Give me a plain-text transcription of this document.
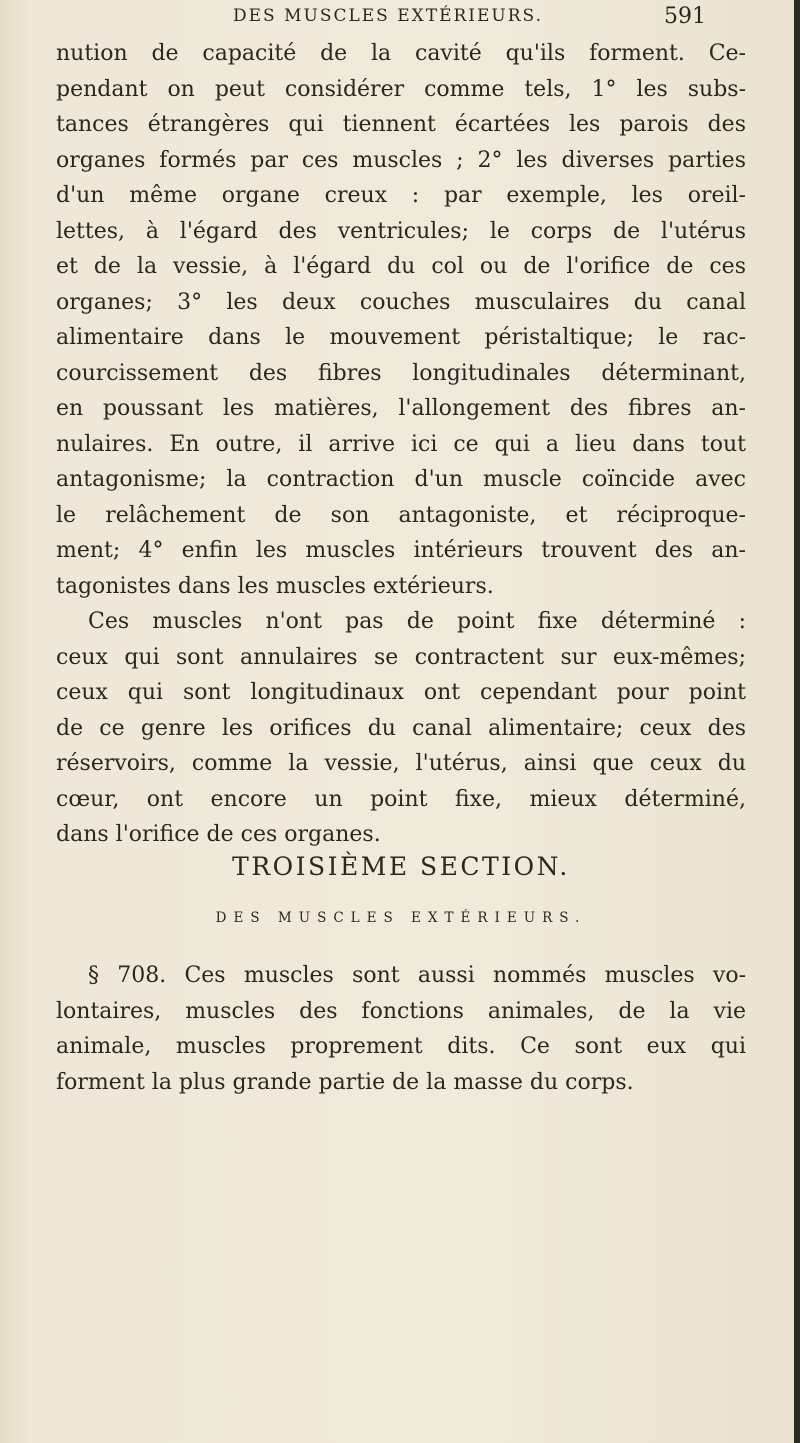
DES MUSCLES EXTÉRIEURS.	591
nution de capacité de la cavité qu'ils forment. Ce-
pendant on peut considérer comme tels, 1° les subs-
tances étrangères qui tiennent écartées les parois des
organes formés par ces muscles ; 2° les diverses parties
d'un même organe creux : par exemple, les oreil-
lettes, à l'égard des ventricules; le corps de l'utérus
et de la vessie, à l'égard du col ou de l'orifice de ces
organes; 3° les deux couches musculaires du canal
alimentaire dans le mouvement péristaltique; le rac-
courcissement des fibres longitudinales déterminant,
en poussant les matières, l'allongement des fibres an-
nulaires. En outre, il arrive ici ce qui a lieu dans tout
antagonisme; la contraction d'un muscle coïncide avec
le relâchement de son antagoniste, et réciproque-
ment; 4° enfin les muscles intérieurs trouvent des an-
tagonistes dans les muscles extérieurs.
Ces muscles n'ont pas de point fixe déterminé :
ceux qui sont annulaires se contractent sur eux-mêmes;
ceux qui sont longitudinaux ont cependant pour point
de ce genre les orifices du canal alimentaire; ceux des
réservoirs, comme la vessie, l'utérus, ainsi que ceux du
cœur, ont encore un point fixe, mieux déterminé,
dans l'orifice de ces organes.
TROISIÈME SECTION.
DES MUSCLES EXTÉRIEURS.
§ 708. Ces muscles sont aussi nommés muscles vo-
lontaires, muscles des fonctions animales, de la vie
animale, muscles proprement dits. Ce sont eux qui
forment la plus grande partie de la masse du corps.
